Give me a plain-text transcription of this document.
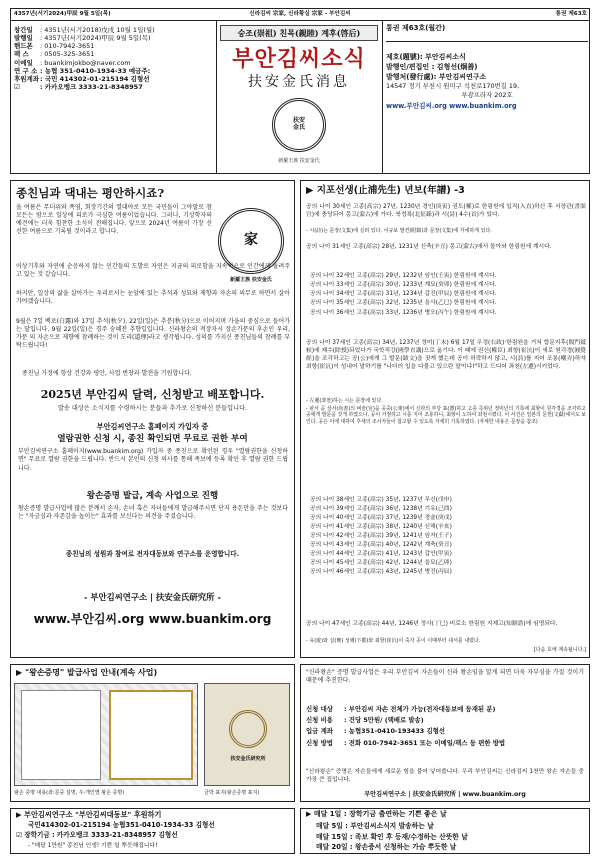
4357년(서기2024)甲辰 9월 5일(목)	신라김씨 宗家, 신라황실 宗家 - 부안김씨	통권 제63호
창간일	: 4351년(서기2018)戊戌 10월 1일(월)
발행일	: 4357년(서기2024)甲辰 9월 5일(목)
핸드폰	: 010-7942-3651
팩 스	: 0505-325-3651
이메일	: buankimjokbo@naver.com
연 구 소 : 농협 351-0410-1934-33 예금주:
후원계좌 : 국민 414302-01-215194 김형선
☑	: 카카오뱅크 3333-21-8348957
숭조(崇祖) 친목(親睦) 계후(啓后)
부안김씨소식
扶安金氏消息
扶安
金氏
新羅王族 扶安金氏
통권 제63호(월간)
제호(題號): 부안김씨소식
발행인/편집인 : 김형선(炯善)
발행처(發行處): 부안김씨연구소
14547 경기 부천시 원미구 석천로170번길 19,
부광프라자 202호
www.부안김씨.org www.buankim.org
종친님과 댁내는 평안하시죠?
家
新羅王族 扶安金氏
올 여름은 무더위와 폭염, 회장기간의 열대야로 모든 국민들이 그야말로 참 모든는 밤으로 일상에 피로가 극심한 여름이었습니다. 그러나, 기상학자의 예견에는 더욱 힘찬한 소식이 전해집니다. 앞으로 2024년 여름이 가장 선선한 여름으로 기록될 것이라고 합니다.
이상기후와 자연에 순응하지 않는 인간들의 도발로 자연은 지금의 피로함을 지속적으로 인간에게 돌려주고 있는 것 같습니다.
하지만, 일상의 삶을 살아가는 우리로서는 눈앞에 있는 추석과 성묘와 제향과 자손의 의무로 하면서 살아가야겠습니다.
9월은 7일 백로(白露)와 17일 추석(秋夕), 22일(일)은 추분(秋分)으로 이어지며 가을의 중심으로 들어가는 달입니다. 9월 22일(일)은 경주 숭혜전 추향일입니다. 신라왕손의 적장자시 장손가문의 후손인 우리, 가문 의 자손으로 제향에 참례하는 것이 도리(道理)라고 생각됩니다. 성의를 가지신 종친님들의 참례를 부탁드립니다!
종친님 가정에 항상 건강과 평안, 사업 번창과 발전을 기원합니다.
2025년 부안김씨 달력, 신청받고 배포합니다.
발송 대상은 소식지를 수령하시는 분들과 추가로 신청하신 분들입니다.
부안김씨연구소 홈페이지 가입자 중
열람권한 신청 시, 종친 확인되면 무료로 권한 부여
부안김씨연구소 홈페이지(www.buankim.org) 가입자 중 종친으로 확인된 경우 "열람권한을 신청하면" 무료로 열람 권한을 드립니다. 반드시 본인의 신청 의사를 통해 족보에 등록 확인 후 열람 권한 드립니다.
왕손증명 발급, 계속 사업으로 진행
왕손증명 발급사업에 많은 분께서 손자, 손녀 혹은 자녀들에게 발급해주시면 단지 용돈만을 주는 것보다는 "자긍심과 자존감을 높이는" 효과를 보신다는 의견을 주셨습니다.
종친님의 성원과 참여로 전자대동보와 연구소를 운영합니다.
- 부안김씨연구소 | 扶安金氏研究所 -
www.부안김씨.org www.buankim.org
▶ 지포선생(止浦先生) 년보(年譜) -3
공의 나이 30세인 고종(高宗) 27년, 1230년 경인(庚寅) 권도(權)로 한림원에 입직(入直)하신 후 서장관(書狀官)에 충당되어 몽고(蒙古)에 가다. 북정록(北征錄)과 시(詩) 4수(首)가 있다.
- 시(詩)는 문장(文集)에 실려 있다. 이규보 발견(附錄)과 문장(文集)에 자세하게 있다.
공의 나이 31세인 고종(高宗) 28년, 1231년 신축(辛丑) 몽고(蒙古)에서 돌아와 한림원에 계시다.
공의 나이 32세인 고종(高宗) 29년, 1232년 임인(壬寅) 한림원에 계시다.
공의 나이 33세인 고종(高宗) 30년, 1233년 계묘(癸卯) 한림원에 계시다.
공의 나이 34세인 고종(高宗) 31년, 1234년 갑진(甲辰) 한림원에 계시다.
공의 나이 35세인 고종(高宗) 32년, 1235년 을사(乙巳) 한림원에 계시다.
공의 나이 36세인 고종(高宗) 33년, 1236년 병오(丙午) 한림원에 계시다.
공의 나이 37세인 고종(高宗) 34년, 1237년 정미(丁未) 6월 17일 우정(右政)·한림원을 거쳐 합문지후(閤門祗候)에 제수(除授)되었다가 국학직강(國學直講)으로 옮기다. 이 때에 권신(權臣) 최항(崔沆)이 새로 원각경(圓覺經)을 조각하고는 공(公)에게 그 발문(跋文)을 짓게 했는데 공이 허락하지 않고, 시(詩)를 지어 조롱(嘲弄)하자 최항(崔沆)이 성내어 말하기를 "나더러 입을 다물고 있으란 말이냐!"하고 드디어 좌천(左遷)시키었다.
- 左遷(좌천)하는 시는 문장에 있다.
- 판서 곧 상서(尚書)의 벼슬(官)을 공중(公衆)에서 신라의 부당 표(漂)하고 고종 즉위년 정미년의 기록에 최항이 원각경을 조각하고 공에게 발문을 짓게 하였으나, 공이 거절하고 시를 지어 조롱하니, 최항이 노하여 좌천시켰다. 이 사건은 일본의 문헌(文獻)에서도 보인다. 공은 이에 대하여 후세의 조사자들이 참고할 수 있도록 자세히 기록하였다. (자세한 내용은 문장을 참조)
공의 나이 38세인 고종(高宗) 35년, 1237년 무신(戊申)
공의 나이 39세인 고종(高宗) 36년, 1238년 기유(己酉)
공의 나이 40세인 고종(高宗) 37년, 1239년 경술(庚戌)
공의 나이 41세인 고종(高宗) 38년, 1240년 신해(辛亥)
공의 나이 42세인 고종(高宗) 39년, 1241년 임자(壬子)
공의 나이 43세인 고종(高宗) 40년, 1242년 계축(癸丑)
공의 나이 44세인 고종(高宗) 41년, 1243년 갑인(甲寅)
공의 나이 45세인 고종(高宗) 42년, 1244년 을묘(乙卯)
공의 나이 46세인 고종(高宗) 43년, 1245년 병진(丙辰)
공의 나이 47세인 고종(高宗) 44년, 1246년 정사(丁巳) 비로소 한림원 지제고(知制誥)에 임명되다.
- 유(遊)와 실(實) 성왜(下郡)와 최항(崔沆)이 죽자 공이 이때부터 대서를 내렸다.
[다음 호에 계속됩니다.]
▶ "왕손증명" 발급사업 안내(계속 사업)
扶安金氏研究所
왕손 증명 내용(좌:문중 설명, 우:개인별 왕손 증명)	금박 표지(왕손증명 표지)
"신라왕손" 증명 발급사업은 우리 부안김씨 자손들이 신라 왕손임을 알게 되면 더욱 자부심을 가질 것이기 때문에 추진한다.
신청 대상	: 부안김씨 자손 전체가 가능(전자대동보에 등재된 분)
신청 비용	: 건당 5만원/ (택배로 발송)
입금 계좌	: 농협351-0410-193433 김형선
신청 방법	: 전화 010-7942-3651 또는 이메일/팩스 등 편한 방법
"신라왕손" 증명은 자손들에게 새로운 힘을 불어 넣어줍니다. 우리 부안김씨는 신라김씨 1천만 왕손 자손들 중 가장 큰 집입니다.
부안김씨연구소 | 扶安金氏研究所 | www.buankim.org
▶ 부안김씨연구소 "부안김씨대동보" 후원하기
국민414302-01-215194 농협351-0410-1934-33 김형선
☑ 장학기금 : 카카오뱅크 3333-21-8348957 김형선
- "매달 1만원" 종친님 인생! 기쁜 일 뿌듯해집니다!
▶ 매달 1일 : 장학기금 출연하는 기쁜 좋은 날
매달 5일 : 부안김씨소식지 발송하는 날
매달 15일 : 족보 확인 후 등재/수정하는 산뜻한 날
매달 20일 : 왕손증서 신청하는 가슴 뿌듯한 날
